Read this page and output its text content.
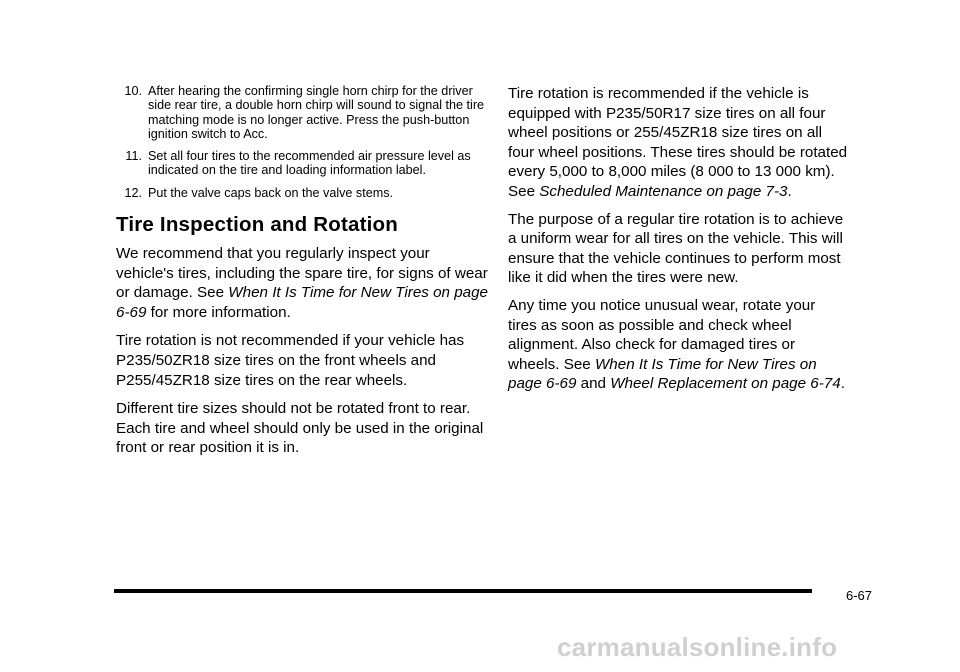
10. After hearing the confirming single horn chirp for the driver side rear tire, a double horn chirp will sound to signal the tire matching mode is no longer active. Press the push-button ignition switch to Acc.
11. Set all four tires to the recommended air pressure level as indicated on the tire and loading information label.
12. Put the valve caps back on the valve stems.
Tire Inspection and Rotation

We recommend that you regularly inspect your vehicle's tires, including the spare tire, for signs of wear or damage. See When It Is Time for New Tires on page 6-69 for more information.

Tire rotation is not recommended if your vehicle has P235/50ZR18 size tires on the front wheels and P255/45ZR18 size tires on the rear wheels.

Different tire sizes should not be rotated front to rear. Each tire and wheel should only be used in the original front or rear position it is in.

Tire rotation is recommended if the vehicle is equipped with P235/50R17 size tires on all four wheel positions or 255/45ZR18 size tires on all four wheel positions. These tires should be rotated every 5,000 to 8,000 miles (8 000 to 13 000 km). See Scheduled Maintenance on page 7-3.

The purpose of a regular tire rotation is to achieve a uniform wear for all tires on the vehicle. This will ensure that the vehicle continues to perform most like it did when the tires were new.

Any time you notice unusual wear, rotate your tires as soon as possible and check wheel alignment. Also check for damaged tires or wheels. See When It Is Time for New Tires on page 6-69 and Wheel Replacement on page 6-74.

6-67
carmanualsonline.info
